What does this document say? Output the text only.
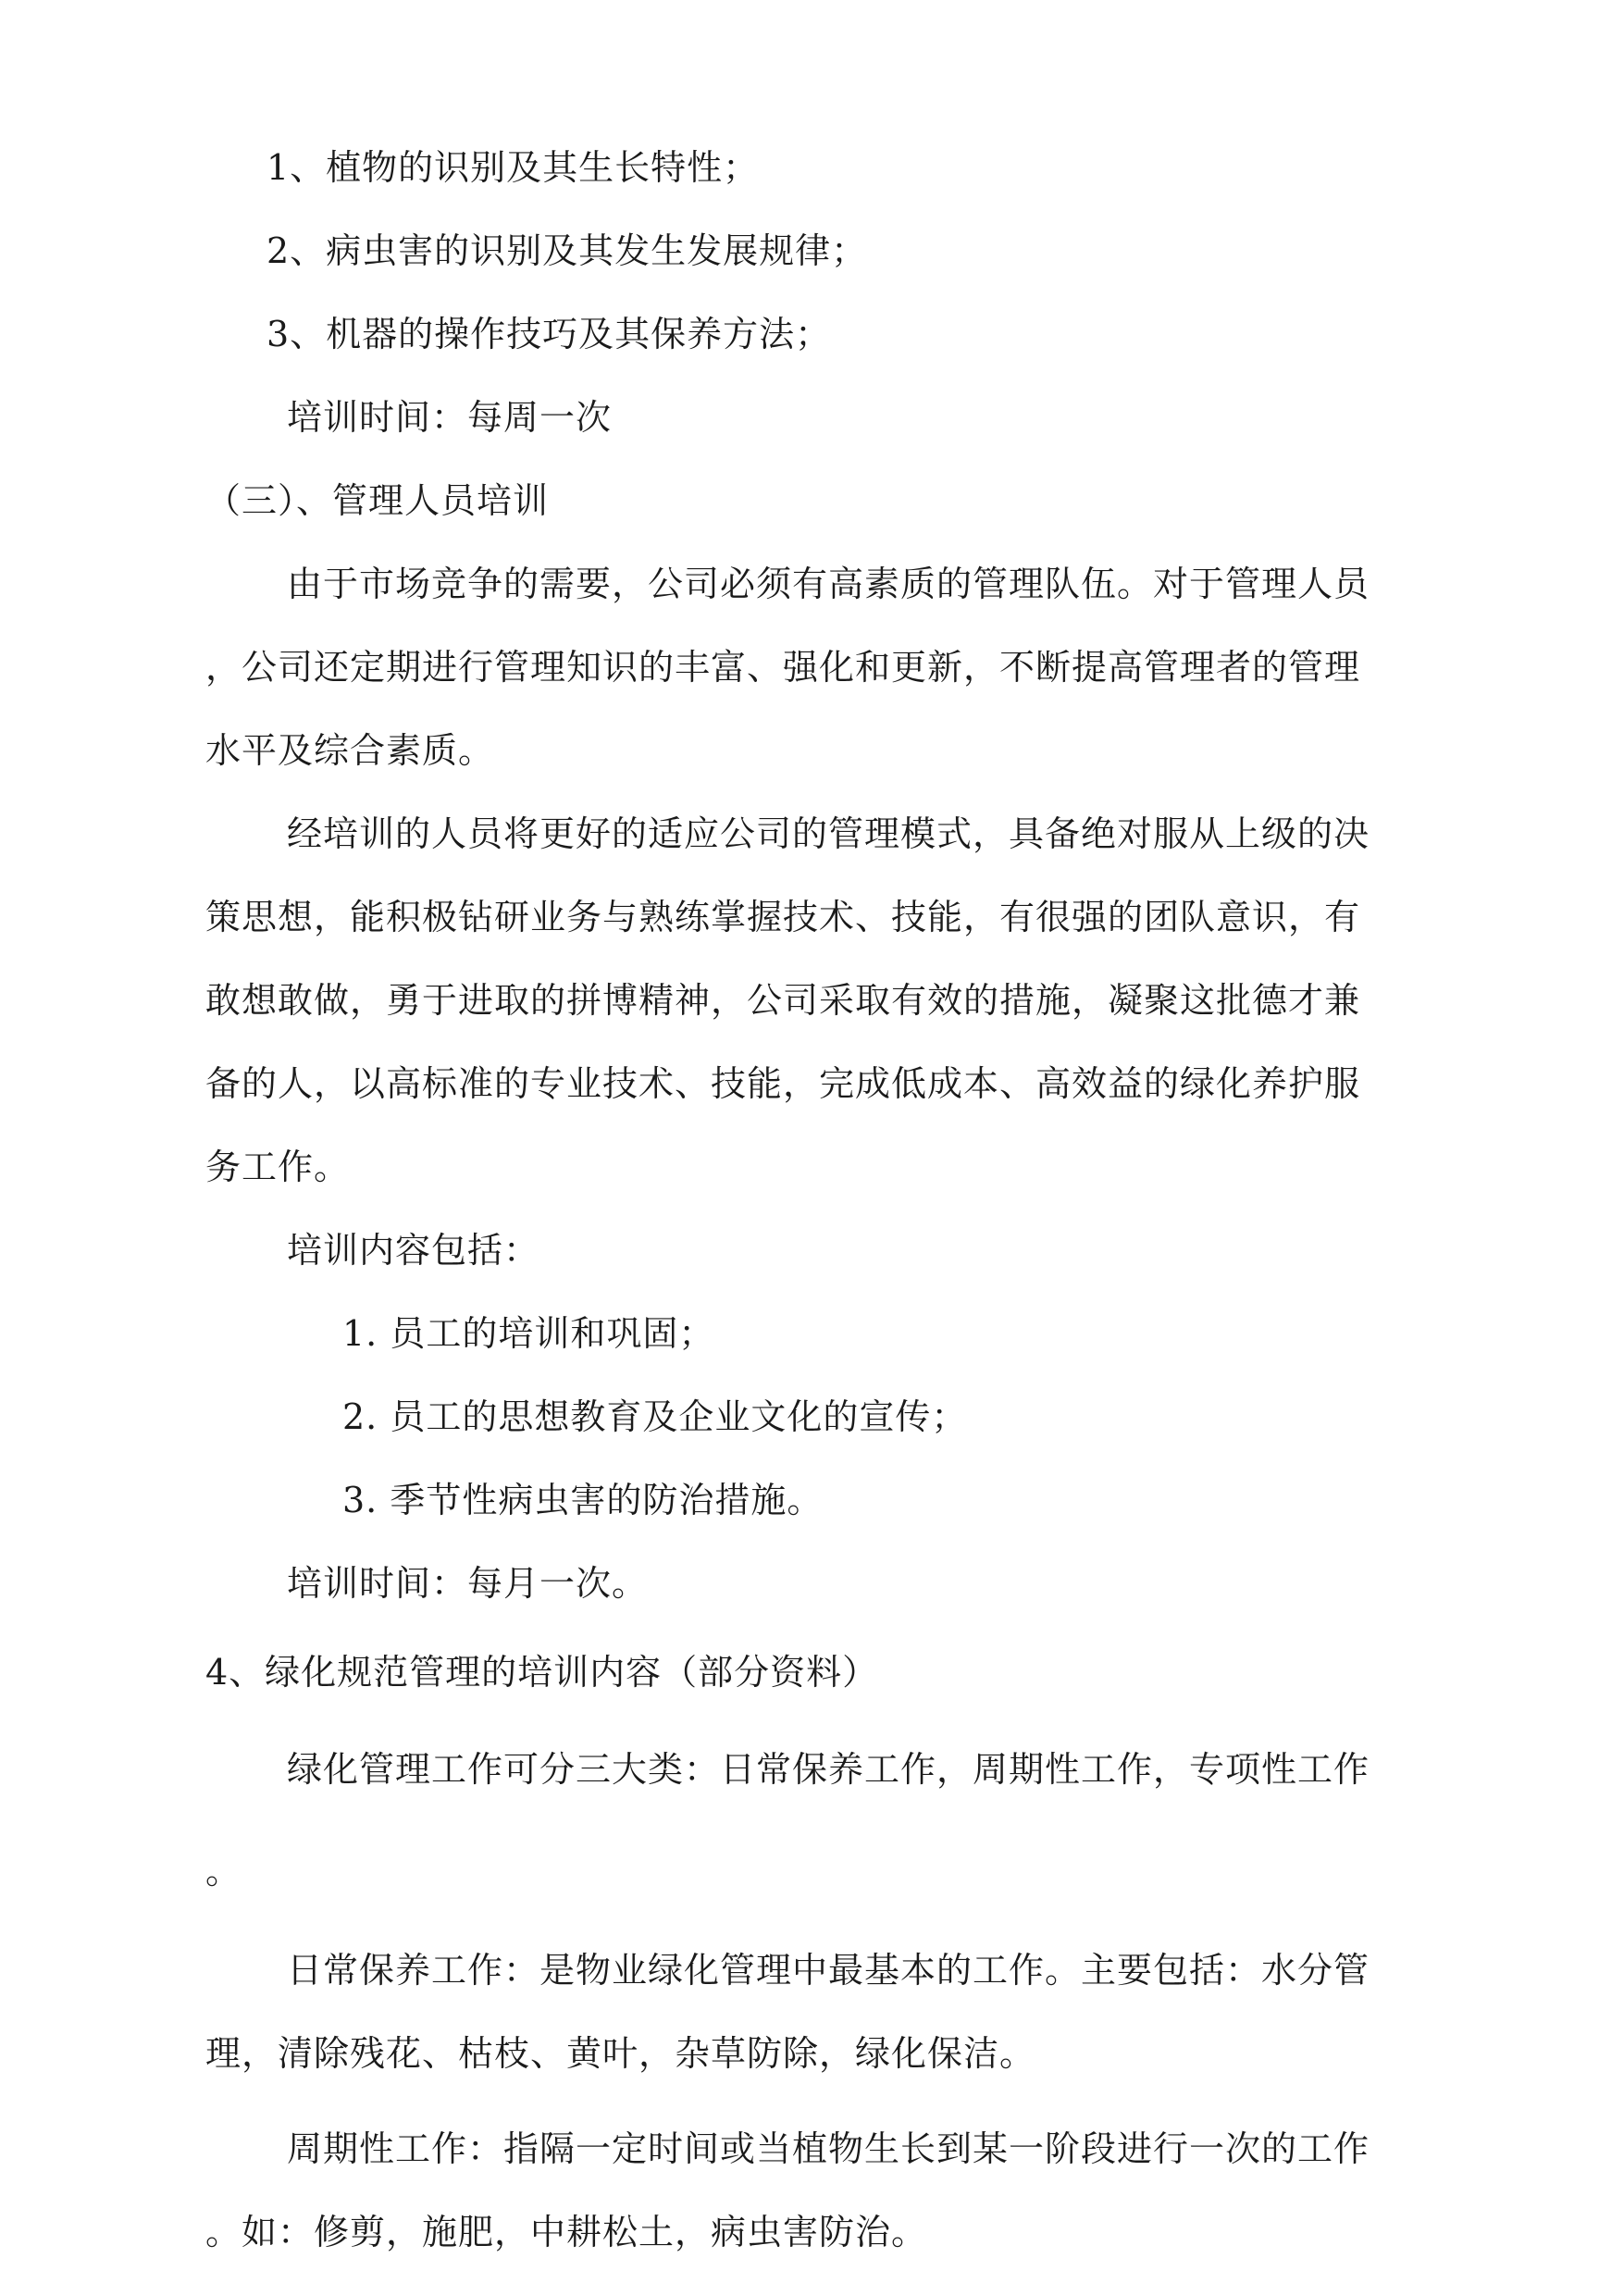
1、植物的识别及其生长特性；
2、病虫害的识别及其发生发展规律；
3、机器的操作技巧及其保养方法；
培训时间：每周一次
（三）、管理人员培训
由于市场竞争的需要，公司必须有高素质的管理队伍。对于管理人员
，公司还定期进行管理知识的丰富、强化和更新，不断提高管理者的管理
水平及综合素质。
经培训的人员将更好的适应公司的管理模式，具备绝对服从上级的决
策思想，能积极钻研业务与熟练掌握技术、技能，有很强的团队意识，有
敢想敢做，勇于进取的拼博精神，公司采取有效的措施，凝聚这批德才兼
备的人，以高标准的专业技术、技能，完成低成本、高效益的绿化养护服
务工作。
培训内容包括：
1. 员工的培训和巩固；
2. 员工的思想教育及企业文化的宣传；
3. 季节性病虫害的防治措施。
培训时间：每月一次。
4、绿化规范管理的培训内容（部分资料）
绿化管理工作可分三大类：日常保养工作，周期性工作，专项性工作
。
日常保养工作：是物业绿化管理中最基本的工作。主要包括：水分管
理，清除残花、枯枝、黄叶，杂草防除，绿化保洁。
周期性工作：指隔一定时间或当植物生长到某一阶段进行一次的工作
。如：修剪，施肥，中耕松土，病虫害防治。
